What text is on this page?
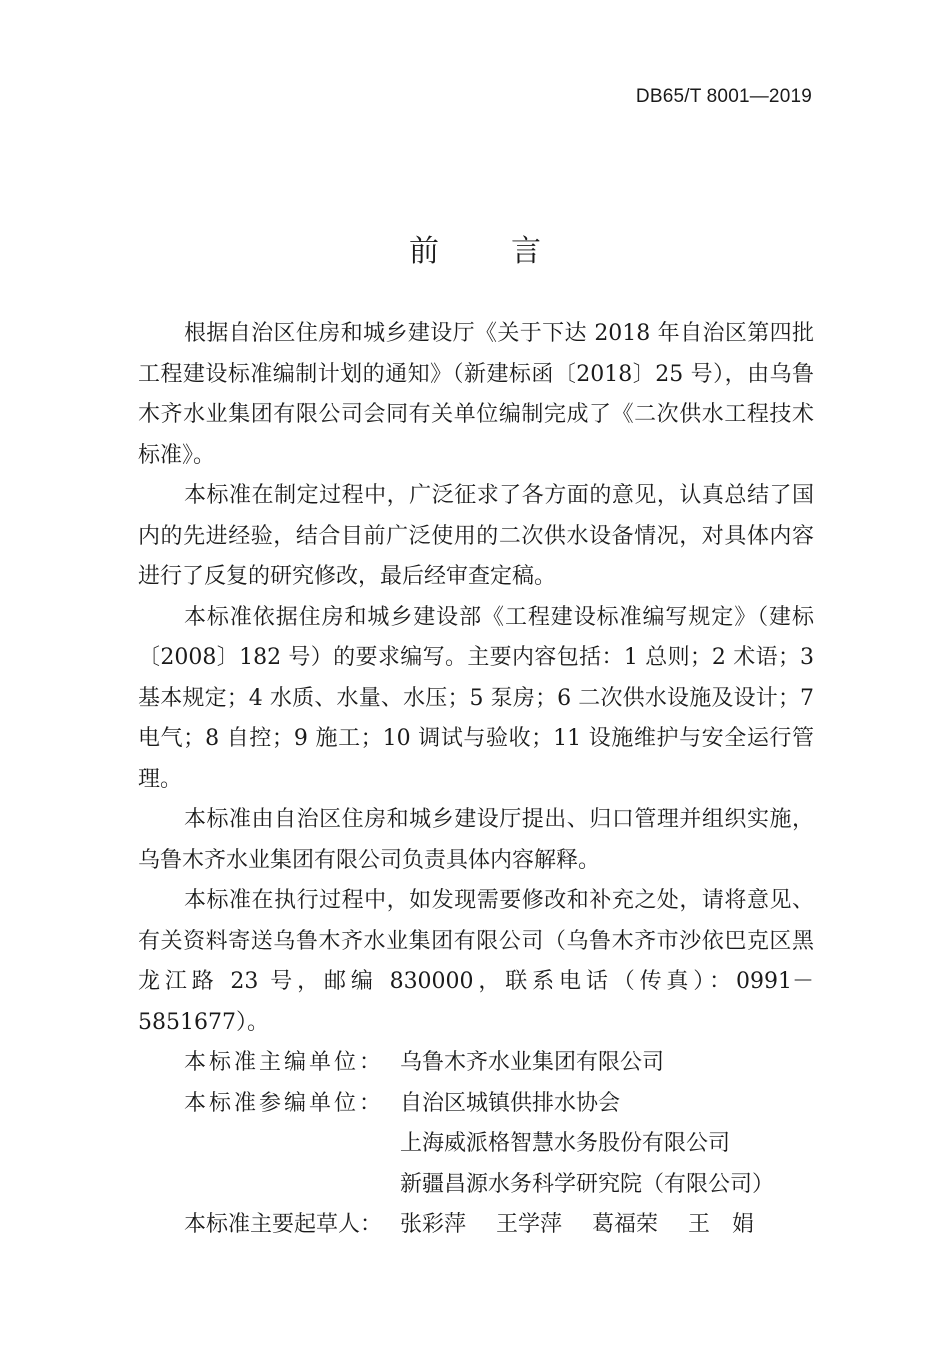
DB65/T 8001—2019
前言

根据自治区住房和城乡建设厅《关于下达 2018 年自治区第四批工程建设标准编制计划的通知》（新建标函〔2018〕25 号），由乌鲁木齐水业集团有限公司会同有关单位编制完成了《二次供水工程技术标准》。

本标准在制定过程中，广泛征求了各方面的意见，认真总结了国内的先进经验，结合目前广泛使用的二次供水设备情况，对具体内容进行了反复的研究修改，最后经审查定稿。

本标准依据住房和城乡建设部《工程建设标准编写规定》（建标〔2008〕182 号）的要求编写。主要内容包括：1 总则；2 术语；3 基本规定；4 水质、水量、水压；5 泵房；6 二次供水设施及设计；7 电气；8 自控；9 施工；10 调试与验收；11 设施维护与安全运行管理。

本标准由自治区住房和城乡建设厅提出、归口管理并组织实施，乌鲁木齐水业集团有限公司负责具体内容解释。

本标准在执行过程中，如发现需要修改和补充之处，请将意见、有关资料寄送乌鲁木齐水业集团有限公司（乌鲁木齐市沙依巴克区黑龙江路 23 号，邮编 830000，联系电话（传真）：0991－5851677）。

本标准主编单位： 乌鲁木齐水业集团有限公司
本标准参编单位： 自治区城镇供排水协会
上海威派格智慧水务股份有限公司
新疆昌源水务科学研究院（有限公司）
本标准主要起草人： 张彩萍 王学萍 葛福荣 王　娟
